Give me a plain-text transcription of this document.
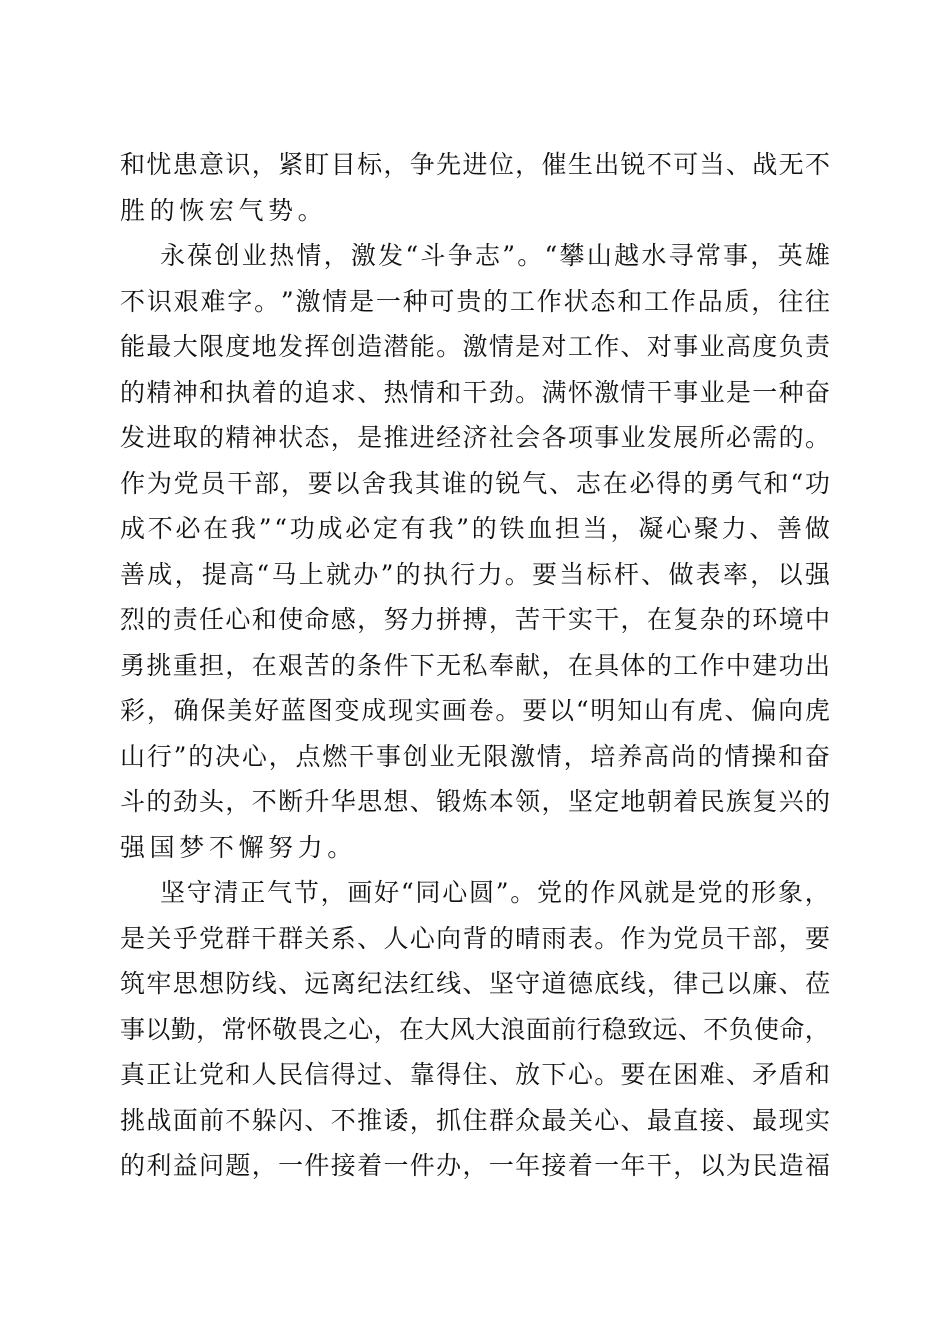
和 忧 患 意 识 ， 紧 盯 目 标 ， 争 先 进 位 ， 催 生 出 锐 不 可 当 、 战 无 不
胜 的 恢 宏 气 势 。
永 葆 创 业 热 情 ， 激 发 “ 斗 争 志 ” 。 “ 攀 山 越 水 寻 常 事 ， 英 雄
不 识 艰 难 字 。 ” 激 情 是 一 种 可 贵 的 工 作 状 态 和 工 作 品 质 ， 往 往
能 最 大 限 度 地 发 挥 创 造 潜 能 。 激 情 是 对 工 作 、 对 事 业 高 度 负 责
的 精 神 和 执 着 的 追 求 、 热 情 和 干 劲 。 满 怀 激 情 干 事 业 是 一 种 奋
发 进 取 的 精 神 状 态 ， 是 推 进 经 济 社 会 各 项 事 业 发 展 所 必 需 的 。
作 为 党 员 干 部 ， 要 以 舍 我 其 谁 的 锐 气 、 志 在 必 得 的 勇 气 和 “ 功
成 不 必 在 我 ” “ 功 成 必 定 有 我 ” 的 铁 血 担 当 ， 凝 心 聚 力 、 善 做
善 成 ， 提 高 “ 马 上 就 办 ” 的 执 行 力 。 要 当 标 杆 、 做 表 率 ， 以 强
烈 的 责 任 心 和 使 命 感 ， 努 力 拼 搏 ， 苦 干 实 干 ， 在 复 杂 的 环 境 中
勇 挑 重 担 ， 在 艰 苦 的 条 件 下 无 私 奉 献 ， 在 具 体 的 工 作 中 建 功 出
彩 ， 确 保 美 好 蓝 图 变 成 现 实 画 卷 。 要 以 “ 明 知 山 有 虎 、 偏 向 虎
山 行 ” 的 决 心 ， 点 燃 干 事 创 业 无 限 激 情 ， 培 养 高 尚 的 情 操 和 奋
斗 的 劲 头 ， 不 断 升 华 思 想 、 锻 炼 本 领 ， 坚 定 地 朝 着 民 族 复 兴 的
强 国 梦 不 懈 努 力 。
坚 守 清 正 气 节 ， 画 好 “ 同 心 圆 ” 。 党 的 作 风 就 是 党 的 形 象 ，
是 关 乎 党 群 干 群 关 系 、 人 心 向 背 的 晴 雨 表 。 作 为 党 员 干 部 ， 要
筑 牢 思 想 防 线 、 远 离 纪 法 红 线 、 坚 守 道 德 底 线 ， 律 己 以 廉 、 莅
事 以 勤 ， 常 怀 敬 畏 之 心 ， 在 大 风 大 浪 面 前 行 稳 致 远 、 不 负 使 命 ，
真 正 让 党 和 人 民 信 得 过 、 靠 得 住 、 放 下 心 。 要 在 困 难 、 矛 盾 和
挑 战 面 前 不 躲 闪 、 不 推 诿 ， 抓 住 群 众 最 关 心 、 最 直 接 、 最 现 实
的 利 益 问 题 ， 一 件 接 着 一 件 办 ， 一 年 接 着 一 年 干 ， 以 为 民 造 福
